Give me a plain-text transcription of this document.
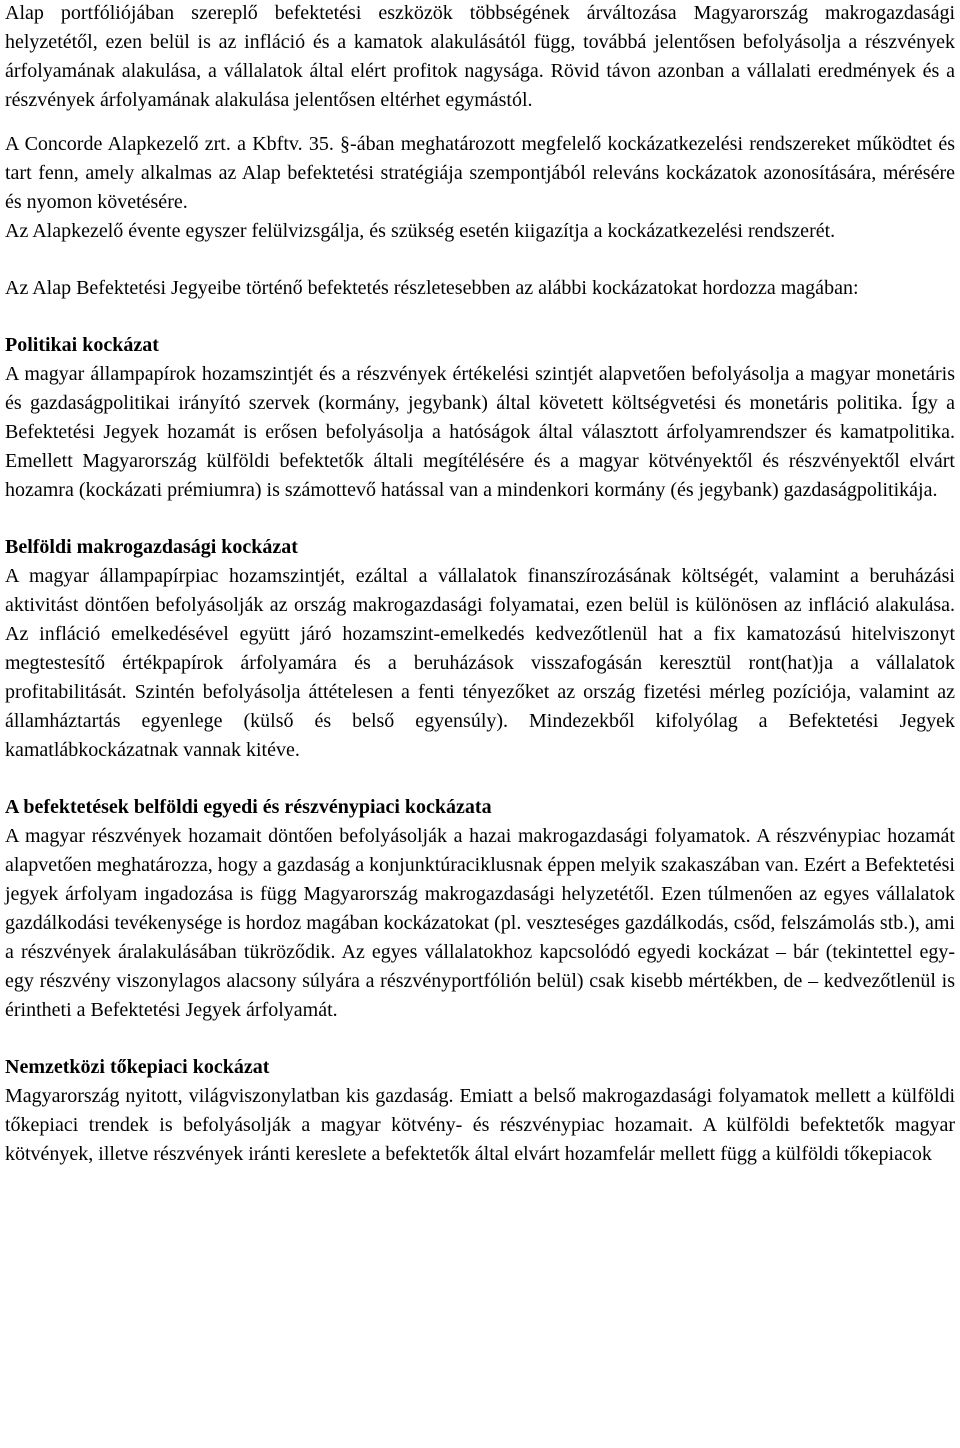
Alap portfóliójában szereplő befektetési eszközök többségének árváltozása Magyarország makrogazdasági helyzetétől, ezen belül is az infláció és a kamatok alakulásától függ, továbbá jelentősen befolyásolja a részvények árfolyamának alakulása, a vállalatok által elért profitok nagysága. Rövid távon azonban a vállalati eredmények és a részvények árfolyamának alakulása jelentősen eltérhet egymástól.

A Concorde Alapkezelő zrt. a Kbftv. 35. §-ában meghatározott megfelelő kockázatkezelési rendszereket működtet és tart fenn, amely alkalmas az Alap befektetési stratégiája szempontjából releváns kockázatok azonosítására, mérésére és nyomon követésére.

Az Alapkezelő évente egyszer felülvizsgálja, és szükség esetén kiigazítja a kockázatkezelési rendszerét.

Az Alap Befektetési Jegyeibe történő befektetés részletesebben az alábbi kockázatokat hordozza magában:

Politikai kockázat

A magyar állampapírok hozamszintjét és a részvények értékelési szintjét alapvetően befolyásolja a magyar monetáris és gazdaságpolitikai irányító szervek (kormány, jegybank) által követett költségvetési és monetáris politika. Így a Befektetési Jegyek hozamát is erősen befolyásolja a hatóságok által választott árfolyamrendszer és kamatpolitika. Emellett Magyarország külföldi befektetők általi megítélésére és a magyar kötvényektől és részvényektől elvárt hozamra (kockázati prémiumra) is számottevő hatással van a mindenkori kormány (és jegybank) gazdaságpolitikája.

Belföldi makrogazdasági kockázat

A magyar állampapírpiac hozamszintjét, ezáltal a vállalatok finanszírozásának költségét, valamint a beruházási aktivitást döntően befolyásolják az ország makrogazdasági folyamatai, ezen belül is különösen az infláció alakulása. Az infláció emelkedésével együtt járó hozamszint-emelkedés kedvezőtlenül hat a fix kamatozású hitelviszonyt megtestesítő értékpapírok árfolyamára és a beruházások visszafogásán keresztül ront(hat)ja a vállalatok profitabilitását. Szintén befolyásolja áttételesen a fenti tényezőket az ország fizetési mérleg pozíciója, valamint az államháztartás egyenlege (külső és belső egyensúly). Mindezekből kifolyólag a Befektetési Jegyek kamatlábkockázatnak vannak kitéve.

A befektetések belföldi egyedi és részvénypiaci kockázata

A magyar részvények hozamait döntően befolyásolják a hazai makrogazdasági folyamatok. A részvénypiac hozamát alapvetően meghatározza, hogy a gazdaság a konjunktúraciklusnak éppen melyik szakaszában van. Ezért a Befektetési jegyek árfolyam ingadozása is függ Magyarország makrogazdasági helyzetétől. Ezen túlmenően az egyes vállalatok gazdálkodási tevékenysége is hordoz magában kockázatokat (pl. veszteséges gazdálkodás, csőd, felszámolás stb.), ami a részvények áralakulásában tükröződik. Az egyes vállalatokhoz kapcsolódó egyedi kockázat – bár (tekintettel egy-egy részvény viszonylagos alacsony súlyára a részvényportfólión belül) csak kisebb mértékben, de – kedvezőtlenül is érintheti a Befektetési Jegyek árfolyamát.

Nemzetközi tőkepiaci kockázat

Magyarország nyitott, világviszonylatban kis gazdaság. Emiatt a belső makrogazdasági folyamatok mellett a külföldi tőkepiaci trendek is befolyásolják a magyar kötvény- és részvénypiac hozamait. A külföldi befektetők magyar kötvények, illetve részvények iránti kereslete a befektetők által elvárt hozamfelár mellett függ a külföldi tőkepiacok
